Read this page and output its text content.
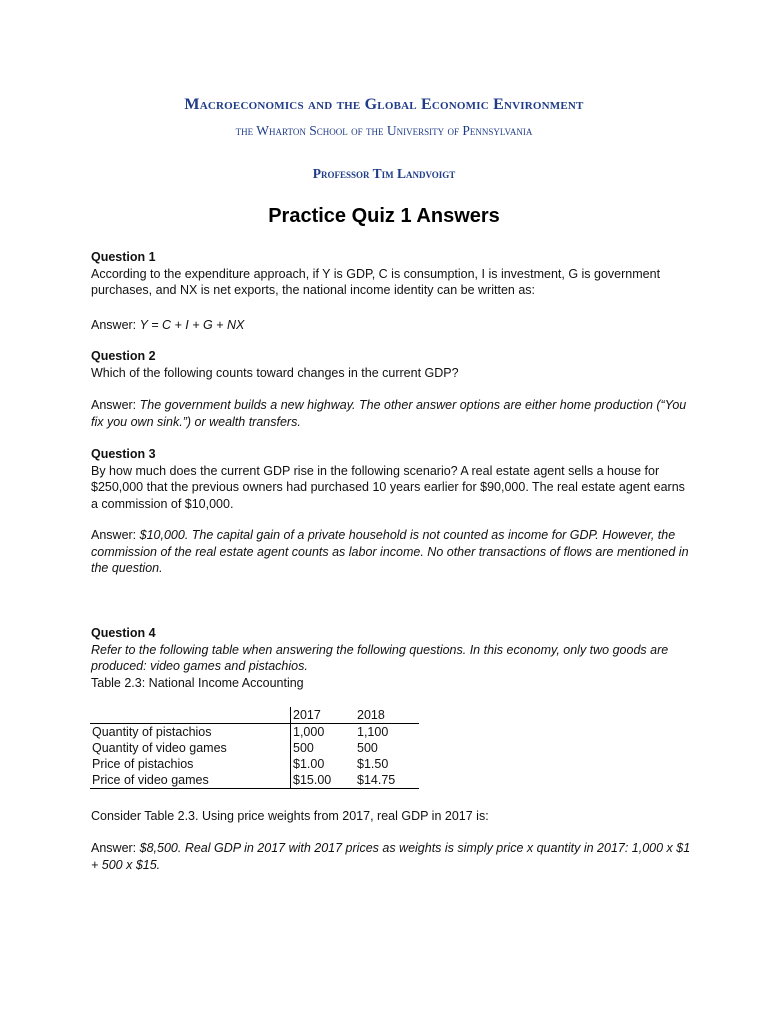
Macroeconomics and the Global Economic Environment
the Wharton School of the University of Pennsylvania
Professor Tim Landvoigt
Practice Quiz 1 Answers
Question 1
According to the expenditure approach, if Y is GDP, C is consumption, I is investment, G is government purchases, and NX is net exports, the national income identity can be written as:
Answer: Y = C + I + G + NX
Question 2
Which of the following counts toward changes in the current GDP?
Answer: The government builds a new highway. The other answer options are either home production (“You fix you own sink.”) or wealth transfers.
Question 3
By how much does the current GDP rise in the following scenario? A real estate agent sells a house for $250,000 that the previous owners had purchased 10 years earlier for $90,000. The real estate agent earns a commission of $10,000.
Answer: $10,000. The capital gain of a private household is not counted as income for GDP. However, the commission of the real estate agent counts as labor income. No other transactions of flows are mentioned in the question.
Question 4
Refer to the following table when answering the following questions. In this economy, only two goods are produced: video games and pistachios.
Table 2.3: National Income Accounting
	2017	2018
Quantity of pistachios	1,000	1,100
Quantity of video games	500	500
Price of pistachios	$1.00	$1.50
Price of video games	$15.00	$14.75
Consider Table 2.3. Using price weights from 2017, real GDP in 2017 is:
Answer: $8,500. Real GDP in 2017 with 2017 prices as weights is simply price x quantity in 2017: 1,000 x $1 + 500 x $15.
